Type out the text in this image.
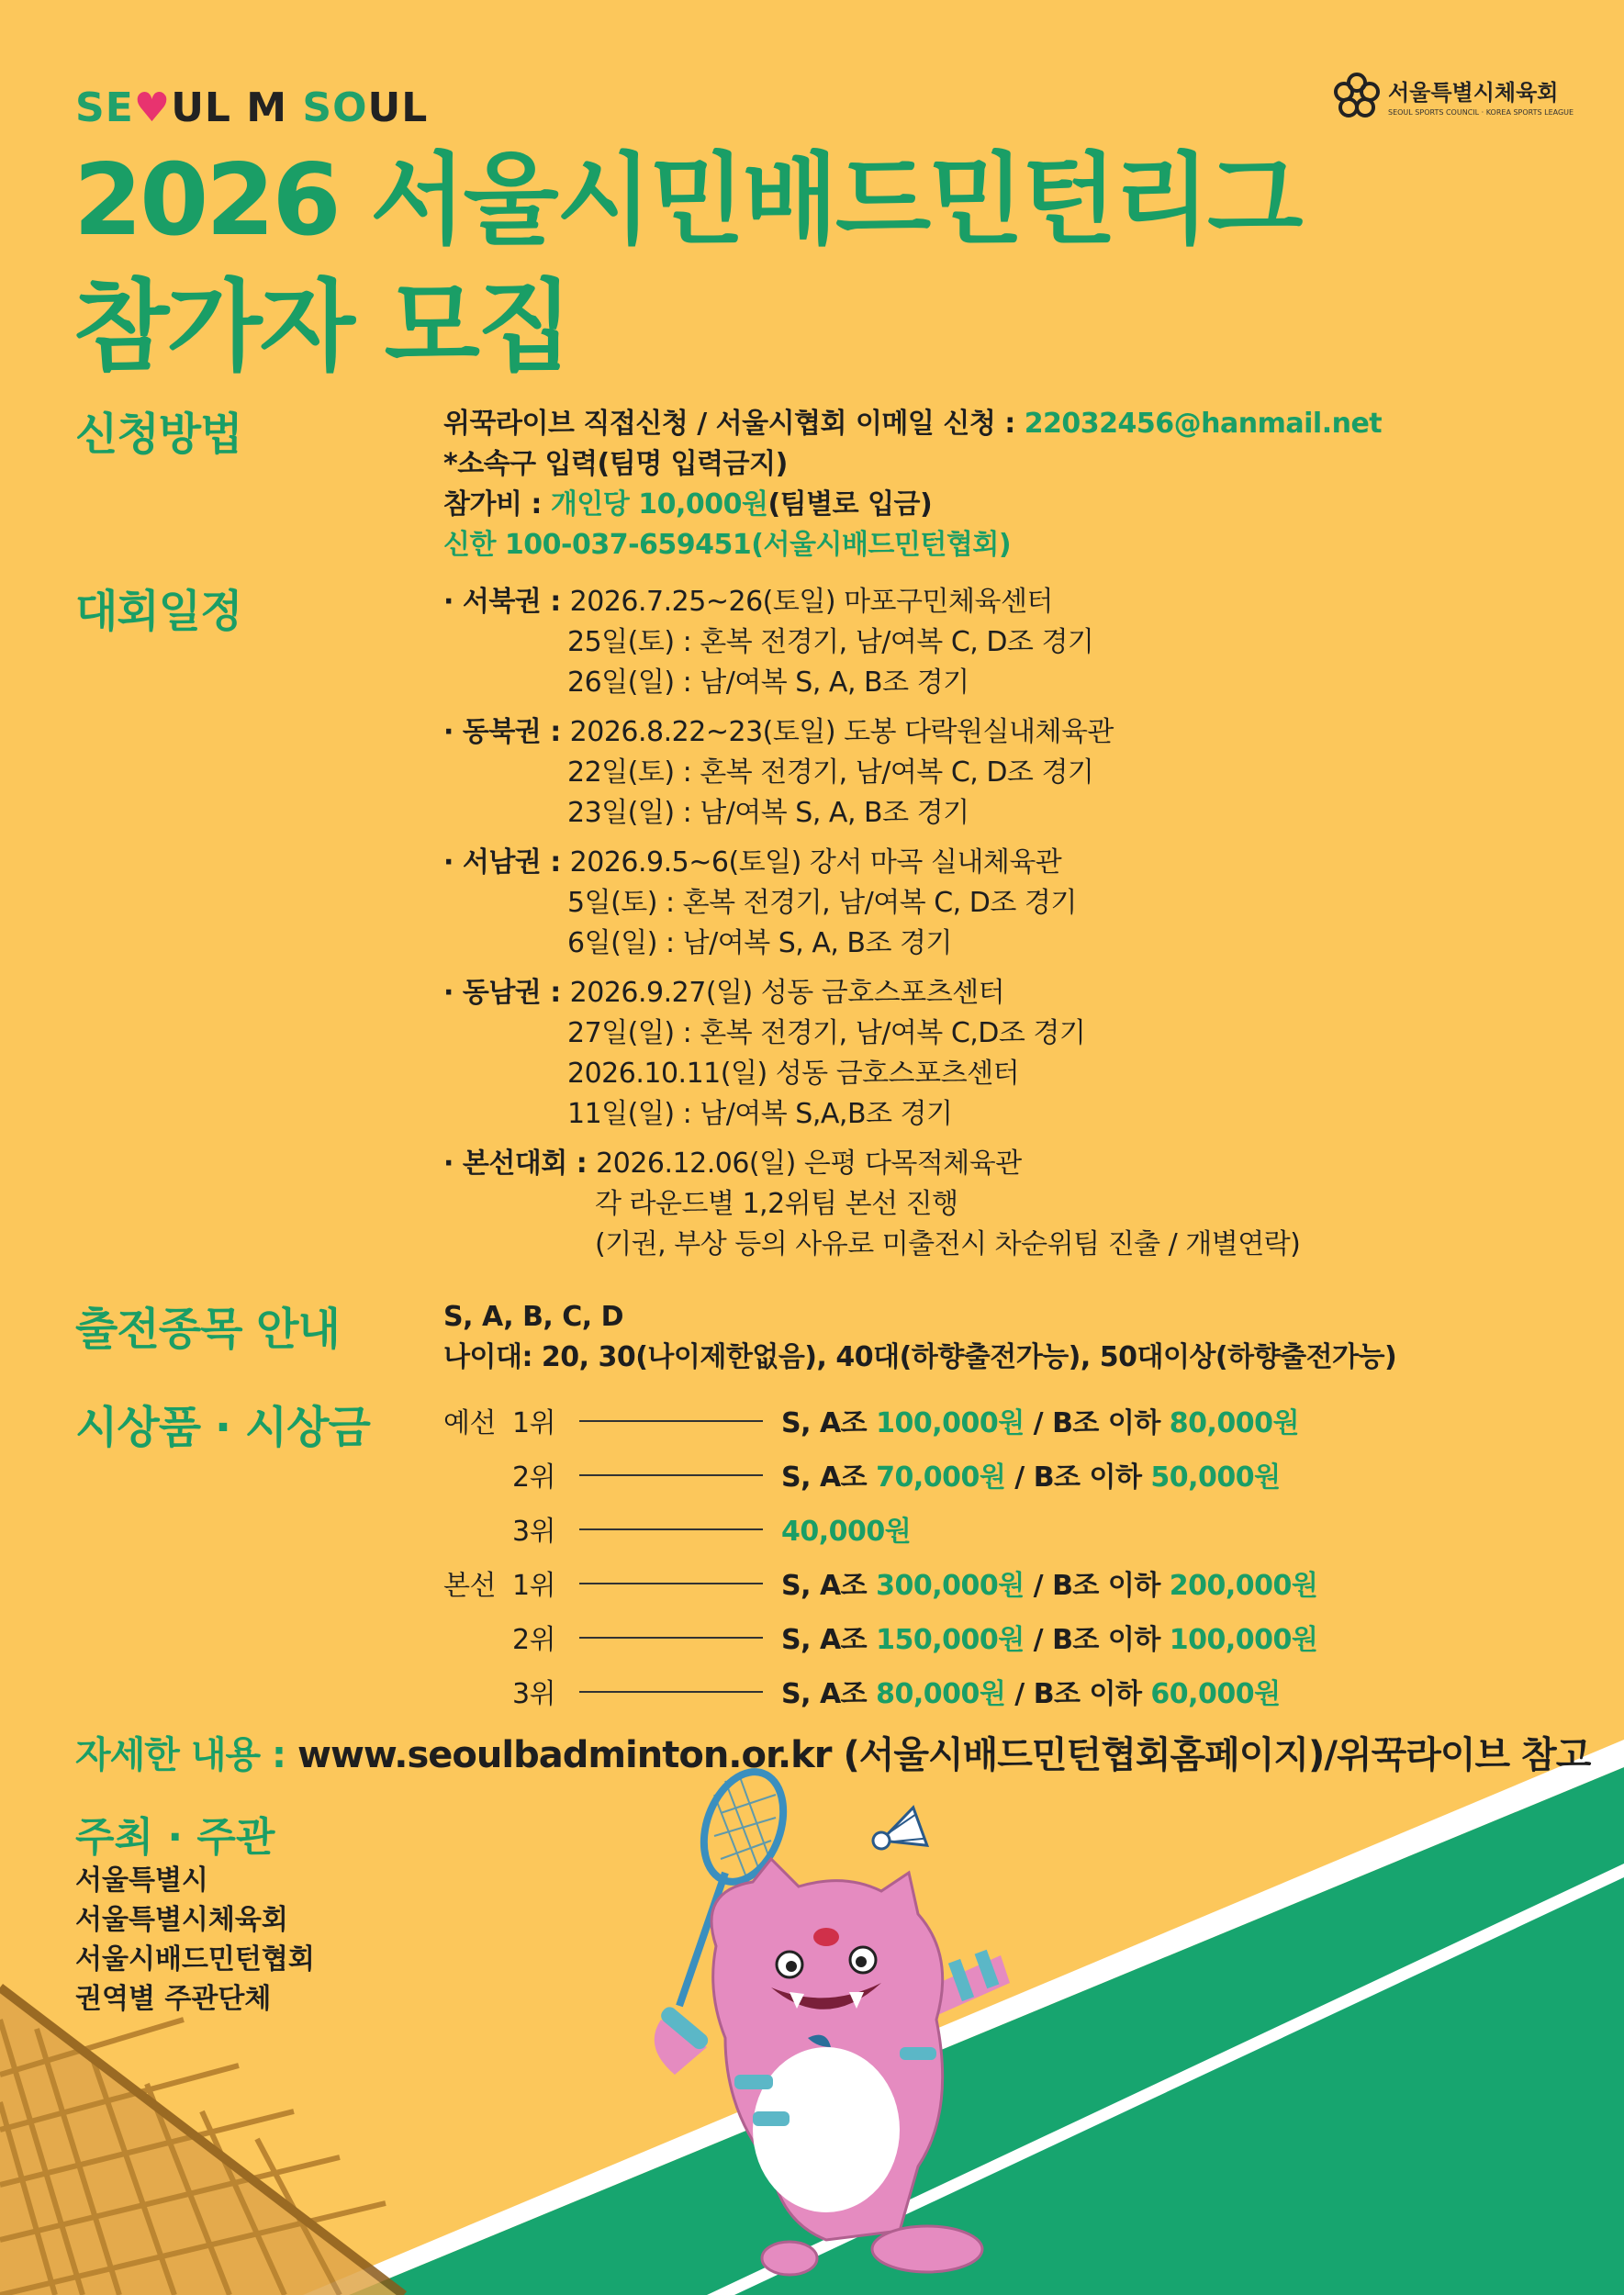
SE♥UL M SOUL	서울특별시체육회
SEOUL SPORTS COUNCIL · KOREA SPORTS LEAGUE
2026 서울시민배드민턴리그
참가자 모집
신청방법	위꾹라이브 직접신청 / 서울시협회 이메일 신청 : 22032456@hanmail.net
*소속구 입력(팀명 입력금지)
참가비 : 개인당 10,000원(팀별로 입금)
신한 100-037-659451(서울시배드민턴협회)
대회일정	· 서북권 : 2026.7.25~26(토일) 마포구민체육센터
25일(토) : 혼복 전경기, 남/여복 C, D조 경기
26일(일) : 남/여복 S, A, B조 경기
· 동북권 : 2026.8.22~23(토일) 도봉 다락원실내체육관
22일(토) : 혼복 전경기, 남/여복 C, D조 경기
23일(일) : 남/여복 S, A, B조 경기
· 서남권 : 2026.9.5~6(토일) 강서 마곡 실내체육관
5일(토) : 혼복 전경기, 남/여복 C, D조 경기
6일(일) : 남/여복 S, A, B조 경기
· 동남권 : 2026.9.27(일) 성동 금호스포츠센터
27일(일) : 혼복 전경기, 남/여복 C,D조 경기
2026.10.11(일) 성동 금호스포츠센터
11일(일) : 남/여복 S,A,B조 경기
· 본선대회 : 2026.12.06(일) 은평 다목적체육관
각 라운드별 1,2위팀 본선 진행
(기권, 부상 등의 사유로 미출전시 차순위팀 진출 / 개별연락)
출전종목 안내	S, A, B, C, D
나이대: 20, 30(나이제한없음), 40대(하향출전가능), 50대이상(하향출전가능)
시상품 · 시상금	예선 1위	S, A조 100,000원 / B조 이하 80,000원
2위	S, A조 70,000원 / B조 이하 50,000원
3위	40,000원
본선 1위	S, A조 300,000원 / B조 이하 200,000원
2위	S, A조 150,000원 / B조 이하 100,000원
3위	S, A조 80,000원 / B조 이하 60,000원
자세한 내용 : www.seoulbadminton.or.kr (서울시배드민턴협회홈페이지)/위꾹라이브 참고
주최 · 주관
서울특별시
서울특별시체육회
서울시배드민턴협회
권역별 주관단체
